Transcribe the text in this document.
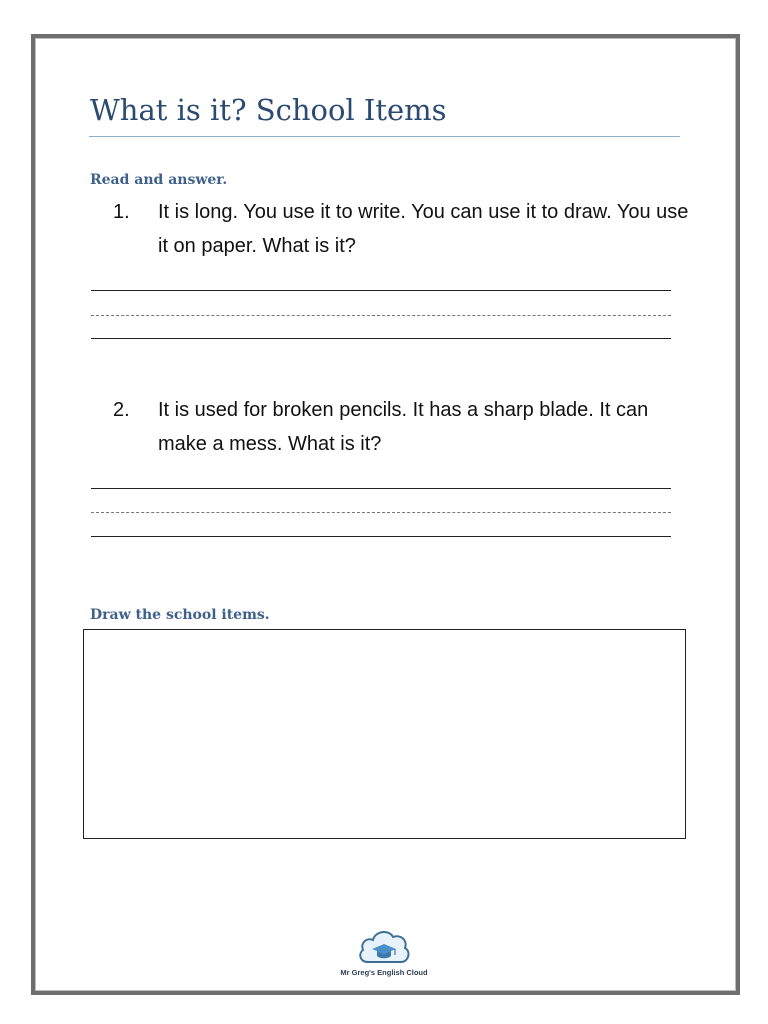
What is it? School Items
Read and answer.
1. It is long. You use it to write. You can use it to draw. You use it on paper. What is it?
2. It is used for broken pencils. It has a sharp blade. It can make a mess. What is it?
Draw the school items.
Mr Greg's English Cloud
